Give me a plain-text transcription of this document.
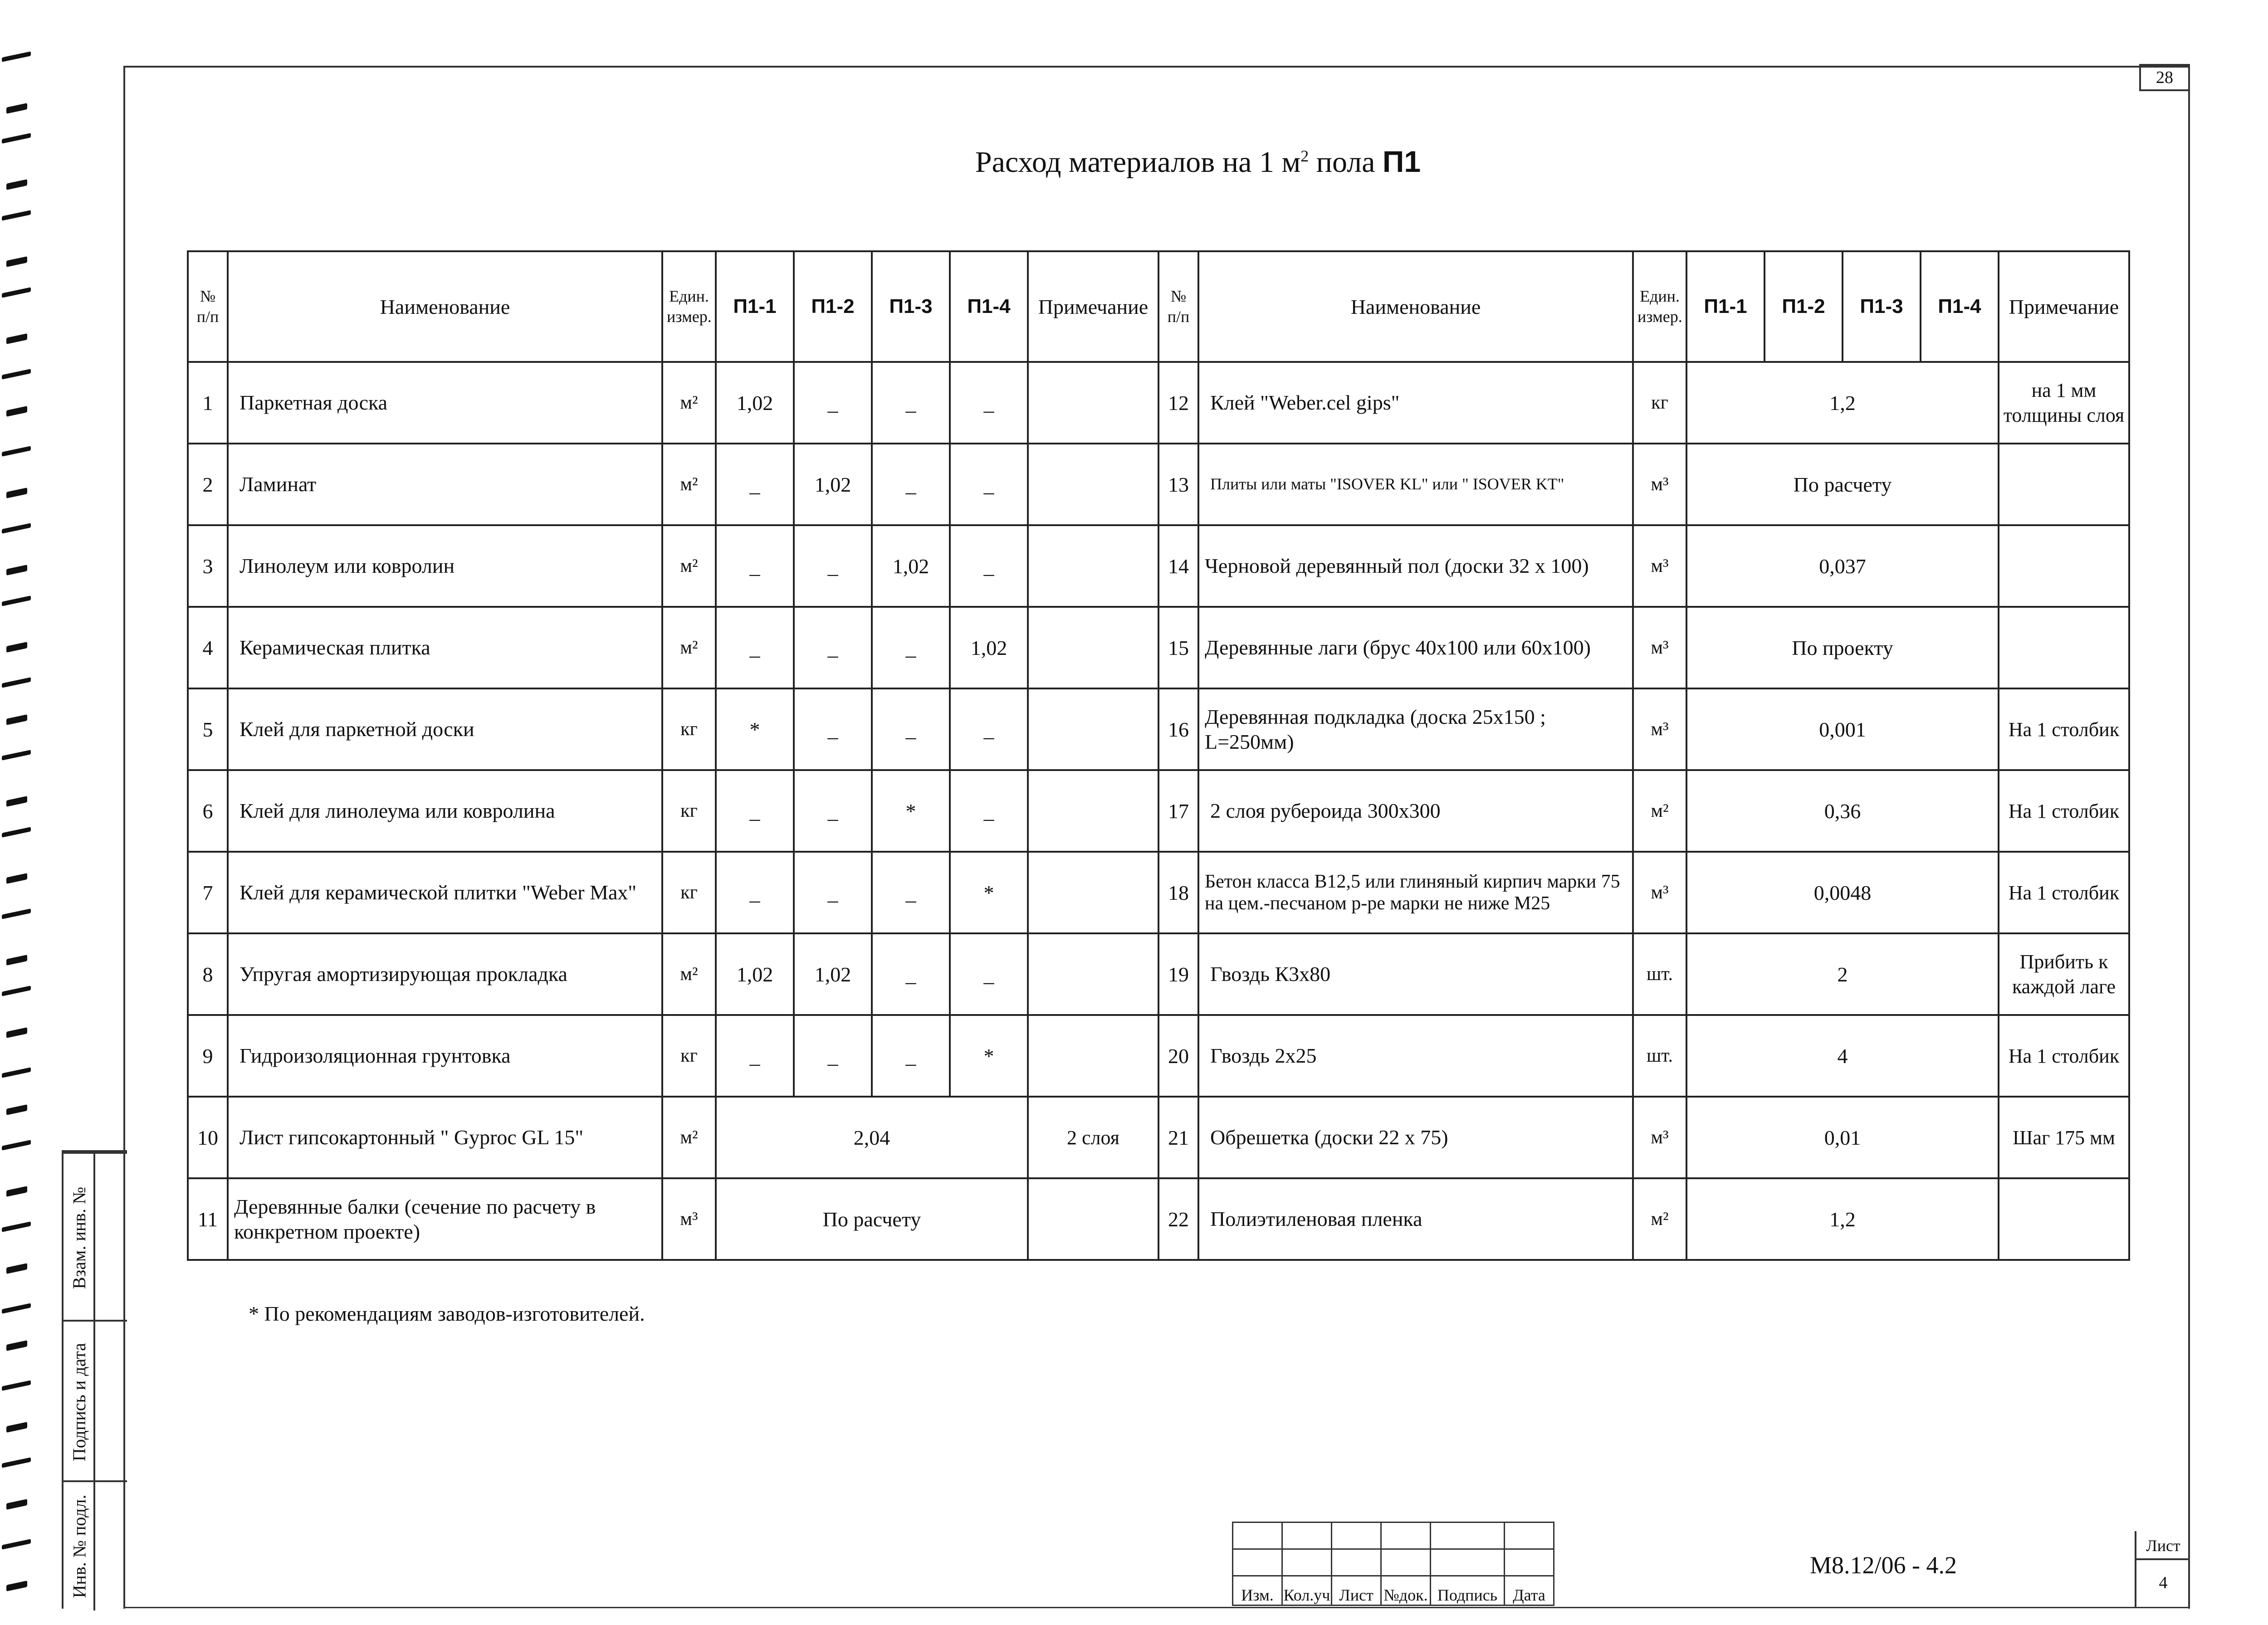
28
Расход материалов на 1 $м^2$ пола П1
№ п/п	Наименование	Един. измер.	П1-1	П1-2	П1-3	П1-4	Примечание	№ п/п	Наименование	Един. измер.	П1-1	П1-2	П1-3	П1-4	Примечание
1	Паркетная доска	м²	1,02	_	_	_		12	Клей "Weber.cel gips"	кг	1,2				на 1 мм толщины слоя
2	Ламинат	м²	_	1,02	_	_		13	Плиты или маты "ISOVER KL" или " ISOVER KT"	м³	По расчету				
3	Линолеум или ковролин	м²	_	_	1,02	_		14	Черновой деревянный пол (доски 32 х 100)	м³	0,037				
4	Керамическая плитка	м²	_	_	_	1,02		15	Деревянные лаги (брус 40х100 или 60х100)	м³	По проекту				
5	Клей для паркетной доски	кг	*	_	_	_		16	Деревянная подкладка (доска 25х150 ; L=250мм)	м³	0,001				На 1 столбик
6	Клей для линолеума или ковролина	кг	_	_	*	_		17	2 слоя рубероида 300х300	м²	0,36				На 1 столбик
7	Клей для керамической плитки "Weber Max"	кг	_	_	_	*		18	Бетон класса В12,5 или глиняный кирпич марки 75 на цем.-песчаном р-ре марки не ниже М25	м³	0,0048				На 1 столбик
8	Упругая амортизирующая прокладка	м²	1,02	1,02	_	_		19	Гвоздь К3х80	шт.	2				Прибить к каждой лаге
9	Гидроизоляционная грунтовка	кг	_	_	_	*		20	Гвоздь 2х25	шт.	4				На 1 столбик
10	Лист гипсокартонный " Gyproc GL 15"	м²	2,04				2 слоя	21	Обрешетка (доски 22 х 75)	м³	0,01				Шаг 175 мм
11	Деревянные балки (сечение по расчету в конкретном проекте)	м³	По расчету					22	Полиэтиленовая пленка	м²	1,2				
* По рекомендациям заводов-изготовителей.
Взам. инв. №
Подпись и дата
Инв. № подл.

						Изм.	Кол.уч	Лист	№док.	Подпись	Дата
М8.12/06 - 4.2
Лист
4
